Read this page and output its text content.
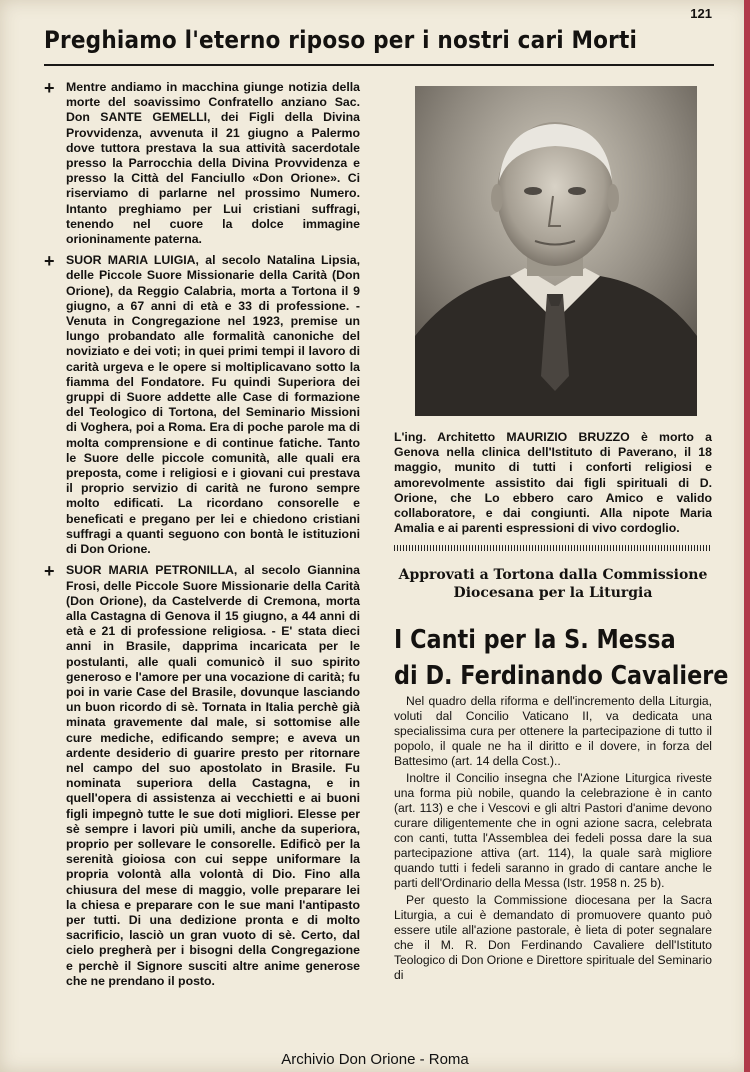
121
Preghiamo l'eterno riposo per i nostri cari Morti
+ Mentre andiamo in macchina giunge notizia della morte del soavissimo Confratello anziano Sac. Don SANTE GEMELLI, dei Figli della Divina Provvidenza, avvenuta il 21 giugno a Palermo dove tuttora prestava la sua attività sacerdotale presso la Parrocchia della Divina Provvidenza e presso la Città del Fanciullo «Don Orione». Ci riserviamo di parlarne nel prossimo Numero. Intanto preghiamo per Lui cristiani suffragi, tenendo nel cuore la dolce immagine orioninamente paterna.

+ SUOR MARIA LUIGIA, al secolo Natalina Lipsia, delle Piccole Suore Missionarie della Carità (Don Orione), da Reggio Calabria, morta a Tortona il 9 giugno, a 67 anni di età e 33 di professione. - Venuta in Congregazione nel 1923, premise un lungo probandato alle formalità canoniche del noviziato e dei voti; in quei primi tempi il lavoro di carità urgeva e le opere si moltiplicavano sotto la fiamma del Fondatore. Fu quindi Superiora dei gruppi di Suore addette alle Case di formazione del Teologico di Tortona, del Seminario Missioni di Voghera, poi a Roma. Era di poche parole ma di molta comprensione e di continue fatiche. Tanto le Suore delle piccole comunità, alle quali era preposta, come i religiosi e i giovani cui prestava il proprio servizio di carità ne furono sempre molto edificati. La ricordano consorelle e beneficati e pregano per lei e chiedono cristiani suffragi a quanti seguono con bontà le istituzioni di Don Orione.

+ SUOR MARIA PETRONILLA, al secolo Giannina Frosi, delle Piccole Suore Missionarie della Carità (Don Orione), da Castelverde di Cremona, morta alla Castagna di Genova il 15 giugno, a 44 anni di età e 21 di professione religiosa. - E' stata dieci anni in Brasile, dapprima incaricata per le postulanti, alle quali comunicò il suo spirito generoso e l'amore per una vocazione di carità; fu poi in varie Case del Brasile, dovunque lasciando un buon ricordo di sè. Tornata in Italia perchè già minata gravemente dal male, si sottomise alle cure mediche, edificando sempre; e aveva un ardente desiderio di guarire presto per ritornare nel campo del suo apostolato in Brasile. Fu nominata superiora della Castagna, e in quell'opera di assistenza ai vecchietti e ai buoni figli impegnò tutte le sue doti migliori. Elesse per sè sempre i lavori più umili, anche da superiora, proprio per sollevare le consorelle. Edificò per la serenità gioiosa con cui seppe uniformare la propria volontà alla volontà di Dio. Fino alla chiusura del mese di maggio, volle preparare lei la chiesa e preparare con le sue mani l'antipasto per tutti. Di una dedizione pronta e di molto sacrificio, lasciò un gran vuoto di sè. Certo, dal cielo pregherà per i bisogni della Congregazione e perchè il Signore susciti altre anime generose che ne prendano il posto.

L'ing. Architetto MAURIZIO BRUZZO è morto a Genova nella clinica dell'Istituto di Paverano, il 18 maggio, munito di tutti i conforti religiosi e amorevolmente assistito dai figli spirituali di D. Orione, che Lo ebbero caro Amico e valido collaboratore, e dai congiunti. Alla nipote Maria Amalia e ai parenti espressioni di vivo cordoglio.

Approvati a Tortona dalla Commissione Diocesana per la Liturgia

I Canti per la S. Messa
di D. Ferdinando Cavaliere

Nel quadro della riforma e dell'incremento della Liturgia, voluti dal Concilio Vaticano II, va dedicata una specialissima cura per ottenere la partecipazione di tutto il popolo, il quale ne ha il diritto e il dovere, in forza del Battesimo (art. 14 della Cost.)..

Inoltre il Concilio insegna che l'Azione Liturgica riveste una forma più nobile, quando la celebrazione è in canto (art. 113) e che i Vescovi e gli altri Pastori d'anime devono curare diligentemente che in ogni azione sacra, celebrata con canti, tutta l'Assemblea dei fedeli possa dare la sua partecipazione attiva (art. 114), la quale sarà migliore quando tutti i fedeli saranno in grado di cantare anche le parti dell'Ordinario della Messa (Istr. 1958 n. 25 b).

Per questo la Commissione diocesana per la Sacra Liturgia, a cui è demandato di promuovere quanto può essere utile all'azione pastorale, è lieta di poter segnalare che il M. R. Don Ferdinando Cavaliere dell'Istituto Teologico di Don Orione e Direttore spirituale del Seminario di

Archivio Don Orione - Roma
